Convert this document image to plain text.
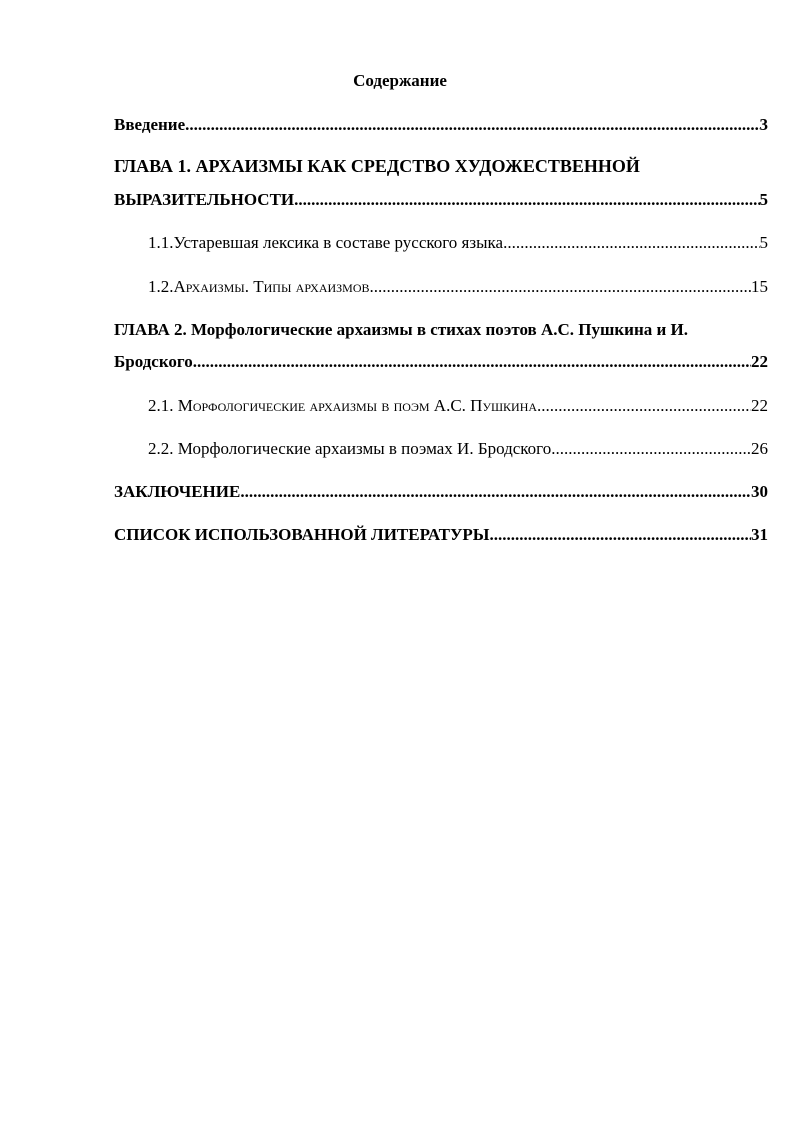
Содержание
Введение .....	3
ГЛАВА 1. АРХАИЗМЫ КАК СРЕДСТВО ХУДОЖЕСТВЕННОЙ
ВЫРАЗИТЕЛЬНОСТИ .....	5
1.1. Устаревшая лексика в составе русского языка .....	5
1.2. Архаизмы. Типы архаизмов .....	15
ГЛАВА 2. Морфологические архаизмы в стихах поэтов А.С. Пушкина и И.
Бродского .....	22
2.1. Морфологические архаизмы в поэм А.С. Пушкина .....	22
2.2. Морфологические архаизмы в поэмах И. Бродского .....	26
ЗАКЛЮЧЕНИЕ .....	30
СПИСОК ИСПОЛЬЗОВАННОЙ ЛИТЕРАТУРЫ .....	31
